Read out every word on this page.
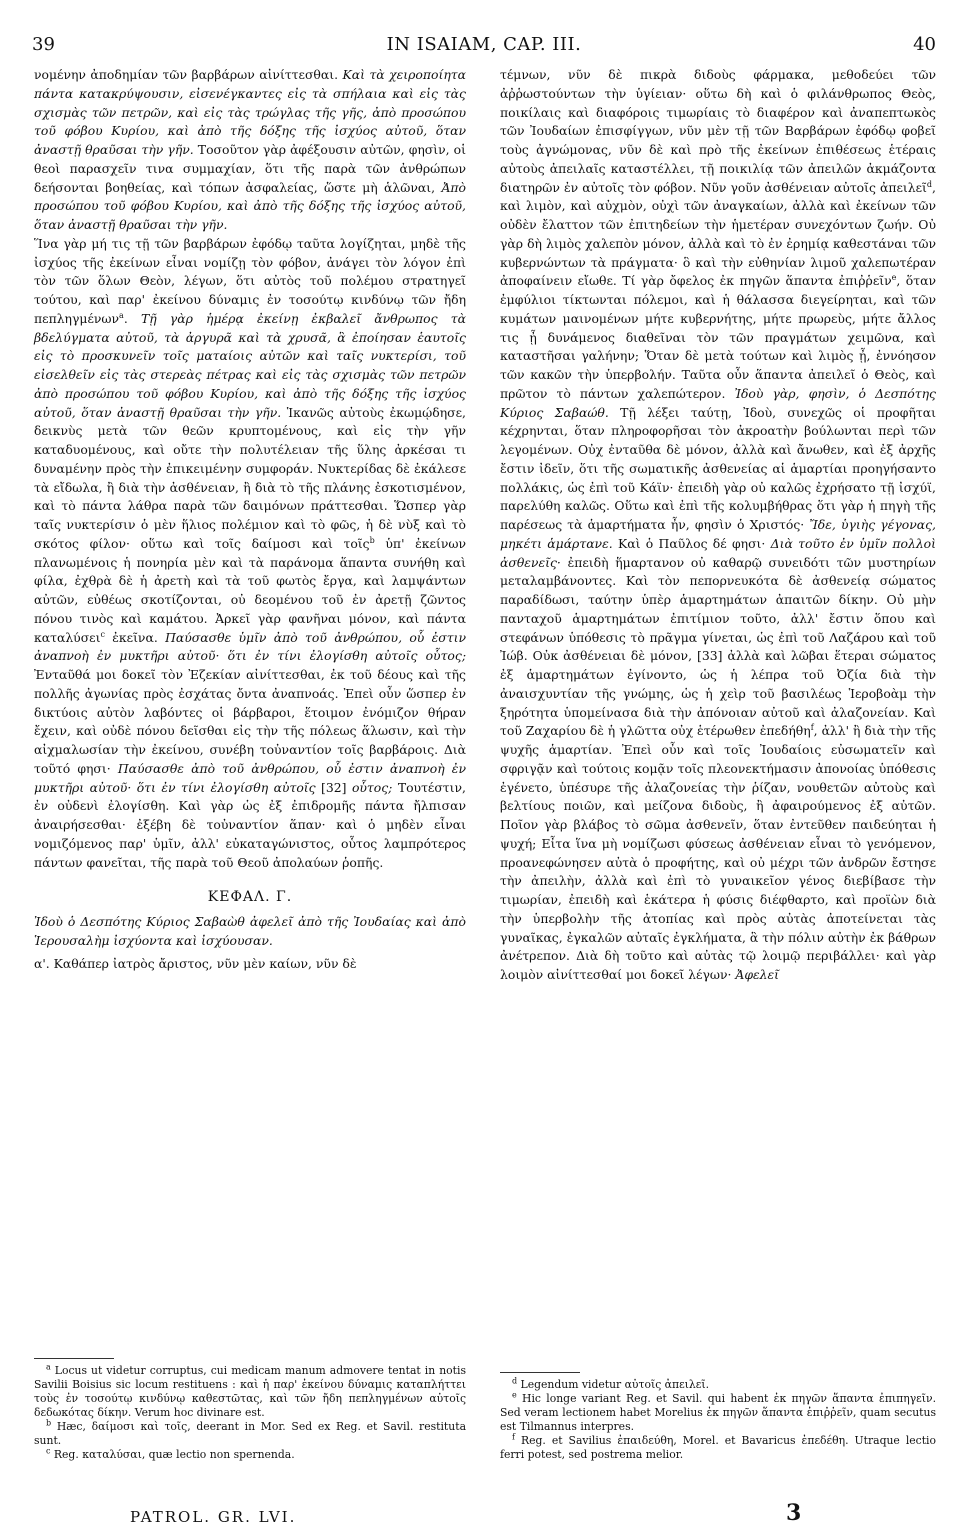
39	IN ISAIAM, CAP. III.	40

νομένην ἀποδημίαν τῶν βαρβάρων αἰνίττεσθαι. Καὶ τὰ χειροποίητα πάντα κατακρύψουσιν, εἰσενέγκαντες εἰς τὰ σπήλαια καὶ εἰς τὰς σχισμὰς τῶν πετρῶν, καὶ εἰς τὰς τρώγλας τῆς γῆς, ἀπὸ προσώπου τοῦ φόβου Κυρίου, καὶ ἀπὸ τῆς δόξης τῆς ἰσχύος αὐτοῦ, ὅταν ἀναστῇ θραῦσαι τὴν γῆν. Τοσοῦτον γὰρ ἀφέξουσιν αὐτῶν, φησὶν, οἱ θεοὶ παρασχεῖν τινα συμμαχίαν, ὅτι τῆς παρὰ τῶν ἀνθρώπων δεήσονται βοηθείας, καὶ τόπων ἀσφαλείας, ὥστε μὴ ἁλῶναι, Ἀπὸ προσώπου τοῦ φόβου Κυρίου, καὶ ἀπὸ τῆς δόξης τῆς ἰσχύος αὐτοῦ, ὅταν ἀναστῇ θραῦσαι τὴν γῆν.

Ἵνα γὰρ μή τις τῇ τῶν βαρβάρων ἐφόδῳ ταῦτα λογίζηται, μηδὲ τῆς ἰσχύος τῆς ἐκείνων εἶναι νομίζῃ τὸν φόβον, ἀνάγει τὸν λόγον ἐπὶ τὸν τῶν ὅλων Θεὸν, λέγων, ὅτι αὐτὸς τοῦ πολέμου στρατηγεῖ τούτου, καὶ παρ' ἐκείνου δύναμις ἐν τοσούτῳ κινδύνῳ τῶν ἤδη πεπληγμένων$^a$. Τῇ γὰρ ἡμέρᾳ ἐκείνῃ ἐκβαλεῖ ἄνθρωπος τὰ βδελύγματα αὐτοῦ, τὰ ἀργυρᾶ καὶ τὰ χρυσᾶ, ἃ ἐποίησαν ἑαυτοῖς εἰς τὸ προσκυνεῖν τοῖς ματαίοις αὐτῶν καὶ ταῖς νυκτερίσι, τοῦ εἰσελθεῖν εἰς τὰς στερεὰς πέτρας καὶ εἰς τὰς σχισμὰς τῶν πετρῶν ἀπὸ προσώπου τοῦ φόβου Κυρίου, καὶ ἀπὸ τῆς δόξης τῆς ἰσχύος αὐτοῦ, ὅταν ἀναστῇ θραῦσαι τὴν γῆν. Ἱκανῶς αὐτοὺς ἐκωμῴδησε, δεικνὺς μετὰ τῶν θεῶν κρυπτομένους, καὶ εἰς τὴν γῆν καταδυομένους, καὶ οὔτε τὴν πολυτέλειαν τῆς ὕλης ἀρκέσαι τι δυναμένην πρὸς τὴν ἐπικειμένην συμφοράν. Νυκτερίδας δὲ ἐκάλεσε τὰ εἴδωλα, ἢ διὰ τὴν ἀσθένειαν, ἢ διὰ τὸ τῆς πλάνης ἐσκοτισμένον, καὶ τὸ πάντα λάθρα παρὰ τῶν δαιμόνων πράττεσθαι. Ὥσπερ γὰρ ταῖς νυκτερίσιν ὁ μὲν ἥλιος πολέμιον καὶ τὸ φῶς, ἡ δὲ νὺξ καὶ τὸ σκότος φίλον· οὕτω καὶ τοῖς δαίμοσι καὶ τοῖς$^b$ ὑπ' ἐκείνων πλανωμένοις ἡ πονηρία μὲν καὶ τὰ παράνομα ἅπαντα συνήθη καὶ φίλα, ἐχθρὰ δὲ ἡ ἀρετὴ καὶ τὰ τοῦ φωτὸς ἔργα, καὶ λαμψάντων αὐτῶν, εὐθέως σκοτίζονται, οὐ δεομένου τοῦ ἐν ἀρετῇ ζῶντος πόνου τινὸς καὶ καμάτου. Ἀρκεῖ γὰρ φανῆναι μόνον, καὶ πάντα καταλύσει$^c$ ἐκεῖνα. Παύσασθε ὑμῖν ἀπὸ τοῦ ἀνθρώπου, οὗ ἐστιν ἀναπνοὴ ἐν μυκτῆρι αὐτοῦ· ὅτι ἐν τίνι ἐλογίσθη αὐτοῖς οὗτος; Ἐνταῦθά μοι δοκεῖ τὸν Ἐζεκίαν αἰνίττεσθαι, ἐκ τοῦ δέους καὶ τῆς πολλῆς ἀγωνίας πρὸς ἐσχάτας ὄντα ἀναπνοάς. Ἐπεὶ οὖν ὥσπερ ἐν δικτύοις αὐτὸν λαβόντες οἱ βάρβαροι, ἕτοιμον ἐνόμιζον θήραν ἔχειν, καὶ οὐδὲ πόνου δεῖσθαι εἰς τὴν τῆς πόλεως ἅλωσιν, καὶ τὴν αἰχμαλωσίαν τὴν ἐκείνου, συνέβη τοὐναντίον τοῖς βαρβάροις. Διὰ τοῦτό φησι· Παύσασθε ἀπὸ τοῦ ἀνθρώπου, οὗ ἐστιν ἀναπνοὴ ἐν μυκτῆρι αὐτοῦ· ὅτι ἐν τίνι ἐλογίσθη αὐτοῖς [32] οὗτος; Τουτέστιν, ἐν οὐδενὶ ἐλογίσθη. Καὶ γὰρ ὡς ἐξ ἐπιδρομῆς πάντα ἤλπισαν ἀναιρήσεσθαι· ἐξέβη δὲ τοὐναντίον ἅπαν· καὶ ὁ μηδὲν εἶναι νομιζόμενος παρ' ὑμῖν, ἀλλ' εὐκαταγώνιστος, οὗτος λαμπρότερος πάντων φανεῖται, τῆς παρὰ τοῦ Θεοῦ ἀπολαύων ῥοπῆς.

ΚΕΦΑΛ. Γ.

Ἰδοὺ ὁ Δεσπότης Κύριος Σαβαὼθ ἀφελεῖ ἀπὸ τῆς Ἰουδαίας καὶ ἀπὸ Ἱερουσαλὴμ ἰσχύοντα καὶ ἰσχύουσαν.

α'. Καθάπερ ἰατρὸς ἄριστος, νῦν μὲν καίων, νῦν δὲ

τέμνων, νῦν δὲ πικρὰ διδοὺς φάρμακα, μεθοδεύει τῶν ἀῤῥωστούντων τὴν ὑγίειαν· οὕτω δὴ καὶ ὁ φιλάνθρωπος Θεὸς, ποικίλαις καὶ διαφόροις τιμωρίαις τὸ διαφέρον καὶ ἀναπεπτωκὸς τῶν Ἰουδαίων ἐπισφίγγων, νῦν μὲν τῇ τῶν Βαρβάρων ἐφόδῳ φοβεῖ τοὺς ἀγνώμονας, νῦν δὲ καὶ πρὸ τῆς ἐκείνων ἐπιθέσεως ἑτέραις αὐτοὺς ἀπειλαῖς καταστέλλει, τῇ ποικιλίᾳ τῶν ἀπειλῶν ἀκμάζοντα διατηρῶν ἐν αὐτοῖς τὸν φόβον. Νῦν γοῦν ἀσθένειαν αὐτοῖς ἀπειλεῖ$^d$, καὶ λιμὸν, καὶ αὐχμὸν, οὐχὶ τῶν ἀναγκαίων, ἀλλὰ καὶ ἐκείνων τῶν οὐδὲν ἔλαττον τῶν ἐπιτηδείων τὴν ἡμετέραν συνεχόντων ζωήν. Οὐ γὰρ δὴ λιμὸς χαλεπὸν μόνον, ἀλλὰ καὶ τὸ ἐν ἐρημίᾳ καθεστάναι τῶν κυβερνώντων τὰ πράγματα· ὃ καὶ τὴν εὐθηνίαν λιμοῦ χαλεπωτέραν ἀποφαίνειν εἴωθε. Τί γὰρ ὄφελος ἐκ πηγῶν ἅπαντα ἐπιῤῥεῖν$^e$, ὅταν ἐμφύλιοι τίκτωνται πόλεμοι, καὶ ἡ θάλασσα διεγείρηται, καὶ τῶν κυμάτων μαινομένων μήτε κυβερνήτης, μήτε πρωρεὺς, μήτε ἄλλος τις ᾖ δυνάμενος διαθεῖναι τὸν τῶν πραγμάτων χειμῶνα, καὶ καταστῆσαι γαλήνην; Ὅταν δὲ μετὰ τούτων καὶ λιμὸς ᾖ, ἐννόησον τῶν κακῶν τὴν ὑπερβολήν. Ταῦτα οὖν ἅπαντα ἀπειλεῖ ὁ Θεὸς, καὶ πρῶτον τὸ πάντων χαλεπώτερον. Ἰδοὺ γὰρ, φησὶν, ὁ Δεσπότης Κύριος Σαβαώθ. Τῇ λέξει ταύτῃ, Ἰδοὺ, συνεχῶς οἱ προφῆται κέχρηνται, ὅταν πληροφορῆσαι τὸν ἀκροατὴν βούλωνται περὶ τῶν λεγομένων. Οὐχ ἐνταῦθα δὲ μόνον, ἀλλὰ καὶ ἄνωθεν, καὶ ἐξ ἀρχῆς ἔστιν ἰδεῖν, ὅτι τῆς σωματικῆς ἀσθενείας αἱ ἁμαρτίαι προηγήσαντο πολλάκις, ὡς ἐπὶ τοῦ Κάϊν· ἐπειδὴ γὰρ οὐ καλῶς ἐχρήσατο τῇ ἰσχύϊ, παρελύθη καλῶς. Οὕτω καὶ ἐπὶ τῆς κολυμβήθρας ὅτι γὰρ ἡ πηγὴ τῆς παρέσεως τὰ ἁμαρτήματα ἦν, φησὶν ὁ Χριστός· Ἴδε, ὑγιὴς γέγονας, μηκέτι ἁμάρτανε. Καὶ ὁ Παῦλος δέ φησι· Διὰ τοῦτο ἐν ὑμῖν πολλοὶ ἀσθενεῖς· ἐπειδὴ ἥμαρτανον οὐ καθαρῷ συνειδότι τῶν μυστηρίων μεταλαμβάνοντες. Καὶ τὸν πεπορνευκότα δὲ ἀσθενείᾳ σώματος παραδίδωσι, ταύτην ὑπὲρ ἁμαρτημάτων ἀπαιτῶν δίκην. Οὐ μὴν πανταχοῦ ἁμαρτημάτων ἐπιτίμιον τοῦτο, ἀλλ' ἔστιν ὅπου καὶ στεφάνων ὑπόθεσις τὸ πρᾶγμα γίνεται, ὡς ἐπὶ τοῦ Λαζάρου καὶ τοῦ Ἰώβ. Οὐκ ἀσθένειαι δὲ μόνον, [33] ἀλλὰ καὶ λῶβαι ἕτεραι σώματος ἐξ ἁμαρτημάτων ἐγίνοντο, ὡς ἡ λέπρα τοῦ Ὀζία διὰ τὴν ἀναισχυντίαν τῆς γνώμης, ὡς ἡ χεὶρ τοῦ βασιλέως Ἱεροβοὰμ τὴν ξηρότητα ὑπομείνασα διὰ τὴν ἀπόνοιαν αὐτοῦ καὶ ἀλαζονείαν. Καὶ τοῦ Ζαχαρίου δὲ ἡ γλῶττα οὐχ ἑτέρωθεν ἐπεδήθη$^f$, ἀλλ' ἢ διὰ τὴν τῆς ψυχῆς ἁμαρτίαν. Ἐπεὶ οὖν καὶ τοῖς Ἰουδαίοις εὐσωματεῖν καὶ σφριγᾷν καὶ τούτοις κομᾷν τοῖς πλεονεκτήμασιν ἀπονοίας ὑπόθεσις ἐγένετο, ὑπέσυρε τῆς ἀλαζονείας τὴν ῥίζαν, νουθετῶν αὐτοὺς καὶ βελτίους ποιῶν, καὶ μείζονα διδοὺς, ἢ ἀφαιρούμενος ἐξ αὐτῶν. Ποῖον γὰρ βλάβος τὸ σῶμα ἀσθενεῖν, ὅταν ἐντεῦθεν παιδεύηται ἡ ψυχή; Εἶτα ἵνα μὴ νομίζωσι φύσεως ἀσθένειαν εἶναι τὸ γενόμενον, προανεφώνησεν αὐτὰ ὁ προφήτης, καὶ οὐ μέχρι τῶν ἀνδρῶν ἔστησε τὴν ἀπειλὴν, ἀλλὰ καὶ ἐπὶ τὸ γυναικεῖον γένος διεβίβασε τὴν τιμωρίαν, ἐπειδὴ καὶ ἑκάτερα ἡ φύσις διέφθαρτο, καὶ προϊὼν διὰ τὴν ὑπερβολὴν τῆς ἀτοπίας καὶ πρὸς αὐτὰς ἀποτείνεται τὰς γυναῖκας, ἐγκαλῶν αὐταῖς ἐγκλήματα, ἃ τὴν πόλιν αὐτὴν ἐκ βάθρων ἀνέτρεπον. Διὰ δὴ τοῦτο καὶ αὐτὰς τῷ λοιμῷ περιβάλλει· καὶ γὰρ λοιμὸν αἰνίττεσθαί μοι δοκεῖ λέγων· Ἀφελεῖ

$^a$ Locus ut videtur corruptus, cui medicam manum admovere tentat in notis Savilii Boisius sic locum restituens : καὶ ἡ παρ' ἐκείνου δύναμις καταπλήττει τοὺς ἐν τοσούτῳ κινδύνῳ καθεστῶτας, καὶ τῶν ἤδη πεπληγμένων αὐτοῖς δεδωκότας δίκην. Verum hoc divinare est.

$^b$ Hæc, δαίμοσι καὶ τοῖς, deerant in Mor. Sed ex Reg. et Savil. restituta sunt.

$^c$ Reg. καταλύσαι, quæ lectio non spernenda.

$^d$ Legendum videtur αὐτοῖς ἀπειλεῖ.

$^e$ Hic longe variant Reg. et Savil. qui habent ἐκ πηγῶν ἅπαντα ἐπιπηγεῖν. Sed veram lectionem habet Morelius ἐκ πηγῶν ἅπαντα ἐπιῤῥεῖν, quam secutus est Tilmannus interpres.

$^f$ Reg. et Savilius ἐπαιδεύθη, Morel. et Bavaricus ἐπεδέθη. Utraque lectio ferri potest, sed postrema melior.

PATROL. GR. LVI.	3
